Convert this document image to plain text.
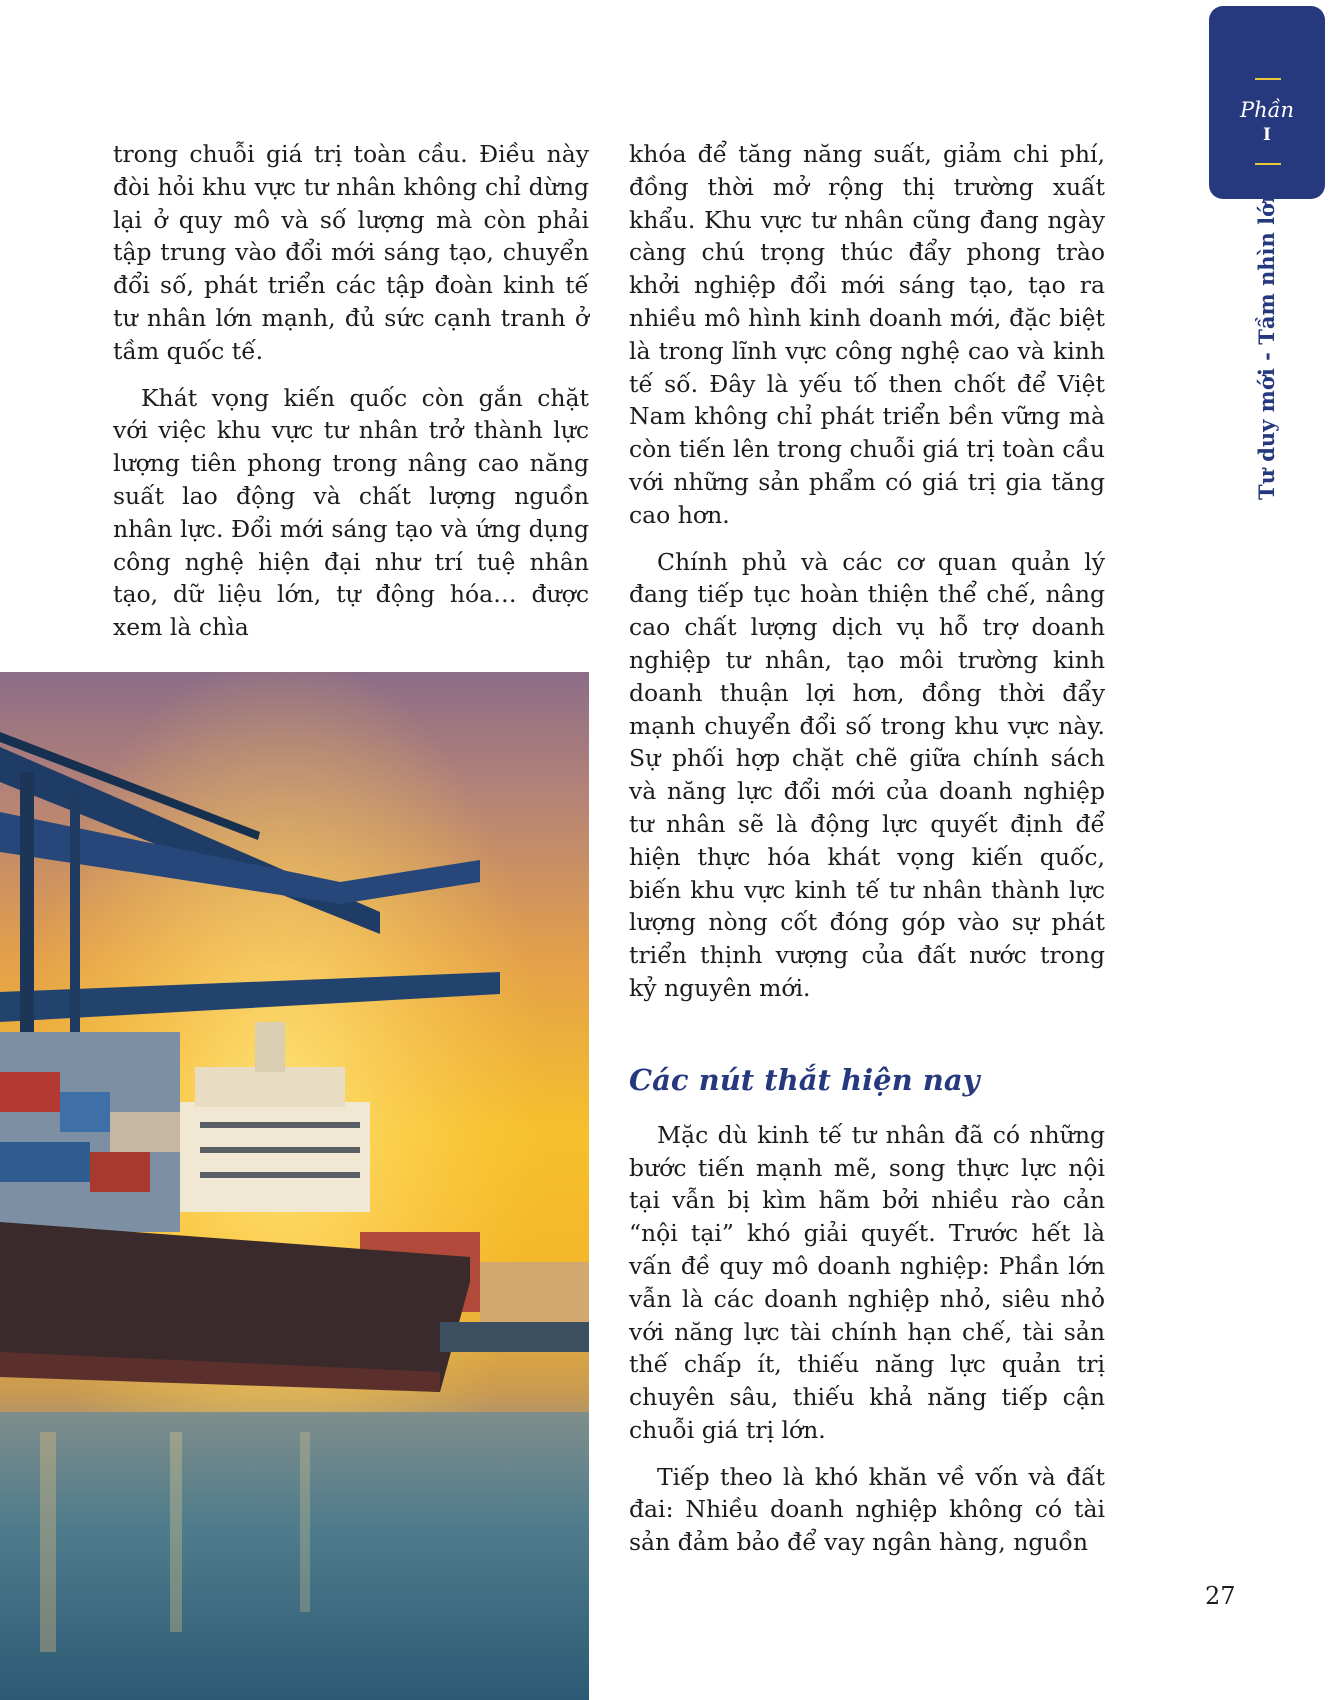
trong chuỗi giá trị toàn cầu. Điều này đòi hỏi khu vực tư nhân không chỉ dừng lại ở quy mô và số lượng mà còn phải tập trung vào đổi mới sáng tạo, chuyển đổi số, phát triển các tập đoàn kinh tế tư nhân lớn mạnh, đủ sức cạnh tranh ở tầm quốc tế.

Khát vọng kiến quốc còn gắn chặt với việc khu vực tư nhân trở thành lực lượng tiên phong trong nâng cao năng suất lao động và chất lượng nguồn nhân lực. Đổi mới sáng tạo và ứng dụng công nghệ hiện đại như trí tuệ nhân tạo, dữ liệu lớn, tự động hóa… được xem là chìa

khóa để tăng năng suất, giảm chi phí, đồng thời mở rộng thị trường xuất khẩu. Khu vực tư nhân cũng đang ngày càng chú trọng thúc đẩy phong trào khởi nghiệp đổi mới sáng tạo, tạo ra nhiều mô hình kinh doanh mới, đặc biệt là trong lĩnh vực công nghệ cao và kinh tế số. Đây là yếu tố then chốt để Việt Nam không chỉ phát triển bền vững mà còn tiến lên trong chuỗi giá trị toàn cầu với những sản phẩm có giá trị gia tăng cao hơn.

Chính phủ và các cơ quan quản lý đang tiếp tục hoàn thiện thể chế, nâng cao chất lượng dịch vụ hỗ trợ doanh nghiệp tư nhân, tạo môi trường kinh doanh thuận lợi hơn, đồng thời đẩy mạnh chuyển đổi số trong khu vực này. Sự phối hợp chặt chẽ giữa chính sách và năng lực đổi mới của doanh nghiệp tư nhân sẽ là động lực quyết định để hiện thực hóa khát vọng kiến quốc, biến khu vực kinh tế tư nhân thành lực lượng nòng cốt đóng góp vào sự phát triển thịnh vượng của đất nước trong kỷ nguyên mới.

Các nút thắt hiện nay

Mặc dù kinh tế tư nhân đã có những bước tiến mạnh mẽ, song thực lực nội tại vẫn bị kìm hãm bởi nhiều rào cản “nội tại” khó giải quyết. Trước hết là vấn đề quy mô doanh nghiệp: Phần lớn vẫn là các doanh nghiệp nhỏ, siêu nhỏ với năng lực tài chính hạn chế, tài sản thế chấp ít, thiếu năng lực quản trị chuyên sâu, thiếu khả năng tiếp cận chuỗi giá trị lớn.

Tiếp theo là khó khăn về vốn và đất đai: Nhiều doanh nghiệp không có tài sản đảm bảo để vay ngân hàng, nguồn

Phần
I
Tư duy mới - Tầm nhìn lớn
27
